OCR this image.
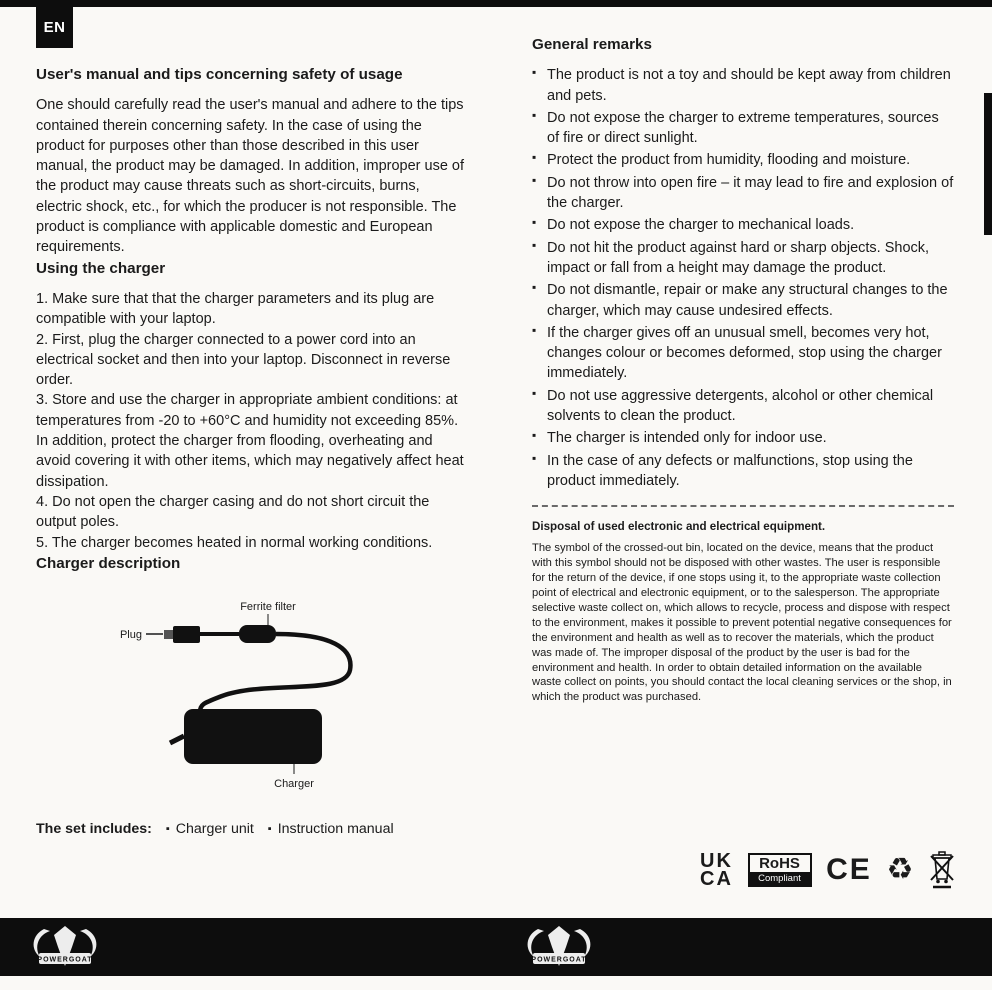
EN
User's manual and tips concerning safety of usage

One should carefully read the user's manual and adhere to the tips contained therein concerning safety. In the case of using the product for purposes other than those described in this user manual, the product may be damaged. In addition, improper use of the product may cause threats such as short-circuits, burns, electric shock, etc., for which the producer is not responsible. The product is compliance with applicable domestic and European requirements.

Using the charger

1. Make sure that that the charger parameters and its plug are compatible with your laptop.

2. First, plug the charger connected to a power cord into an electrical socket and then into your laptop. Disconnect in reverse order.

3. Store and use the charger in appropriate ambient conditions: at temperatures from -20 to +60°C and humidity not exceeding 85%. In addition, protect the charger from flooding, overheating and avoid covering it with other items, which may negatively affect heat dissipation.

4. Do not open the charger casing and do not short circuit the output poles.

5. The charger becomes heated in normal working conditions.

Charger description
Ferrite filter
Plug
Charger
The set includes: ▪ Charger unit ▪ Instruction manual
General remarks
▪ The product is not a toy and should be kept away from children and pets.
▪ Do not expose the charger to extreme temperatures, sources of fire or direct sunlight.
▪ Protect the product from humidity, flooding and moisture.
▪ Do not throw into open fire – it may lead to fire and explosion of the charger.
▪ Do not expose the charger to mechanical loads.
▪ Do not hit the product against hard or sharp objects. Shock, impact or fall from a height may damage the product.
▪ Do not dismantle, repair or make any structural changes to the charger, which may cause undesired effects.
▪ If the charger gives off an unusual smell, becomes very hot, changes colour or becomes deformed, stop using the charger immediately.
▪ Do not use aggressive detergents, alcohol or other chemical solvents to clean the product.
▪ The charger is intended only for indoor use.
▪ In the case of any defects or malfunctions, stop using the product immediately.

Disposal of used electronic and electrical equipment.

The symbol of the crossed-out bin, located on the device, means that the product with this symbol should not be disposed with other wastes. The user is responsible for the return of the device, if one stops using it, to the appropriate waste collection point of electrical and electronic equipment, or to the salesperson. The appropriate selective waste collect on, which allows to recycle, process and dispose with respect to the environment, makes it possible to prevent potential negative consequences for the environment and health as well as to recover the materials, which the product was made of. The improper disposal of the product by the user is bad for the environment and health. In order to obtain detailed information on the available waste collect on points, you should contact the local cleaning services or the shop, in which the product was purchased.

UK
CA
RoHS
Compliant CE ♻
POWERGOAT	POWERGOAT
